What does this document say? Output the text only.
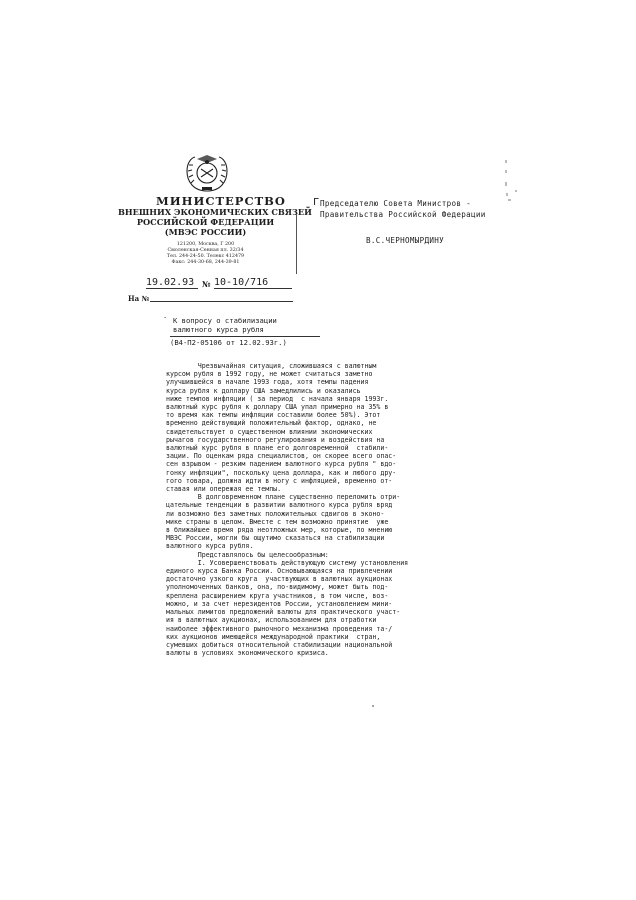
МИНИСТЕРСТВО
ВНЕШНИХ ЭКОНОМИЧЕСКИХ СВЯЗЕЙ
РОССИЙСКОЙ ФЕДЕРАЦИИ
(МВЭС РОССИИ)
121200, Москва, Г 200
Смоленская-Сенная пл. 32/34
Тел. 244-24-50. Телекс 412479
Факс: 244-30-68, 244-39-81
Г Председателю Совета Министров -
Правительства Российской Федерации
В.С.ЧЕРНОМЫРДИНУ
19.02.93 № 10-10/716
На №
· К вопросу о стабилизации
валютного курса рубля
(В4-П2-05106 от 12.02.93г.)

Чрезвычайная ситуация, сложившаяся с валютным

курсом рубля в 1992 году, не может считаться заметно

улучшившейся в начале 1993 года, хотя темпы падения

курса рубля к доллару США замедлились и оказались

ниже темпов инфляции ( за период  с начала января 1993г.

валютный курс рубля к доллару США упал примерно на 35% в

то время как темпы инфляции составили более 50%). Этот

временно действующий положительный фактор, однако, не

свидетельствует о существенном влиянии экономических

рычагов государственного регулирования и воздействия на

валютный курс рубля в плане его долговременной  стабили-

зации. По оценкам ряда специалистов, он скорее всего опас-

сен взрывом - резким падением валютного курса рубля " вдо-

гонку инфляции", поскольку цена доллара, как и любого дру-

гого товара, должна идти в ногу с инфляцией, временно от-

ставая или опережая ее темпы.

В долговременном плане существенно переломить отри-

цательные тенденции в развитии валютного курса рубля вряд

ли возможно без заметных положительных сдвигов в эконо-

мике страны в целом. Вместе с тем возможно принятие  уже

в ближайшее время ряда неотложных мер, которые, по мнению

МВЭС России, могли бы ощутимо сказаться на стабилизации

валютного курса рубля.

Представлялось бы целесообразным:

I. Усовершенствовать действующую систему установления

единого курса Банка России. Основывающаяся на привлечении

достаточно узкого круга  участвующих в валютных аукционах

уполномоченных банков, она, по-видимому, может быть под-

креплена расширением круга участников, в том числе, воз-

можно, и за счет нерезидентов России, установлением мини-

мальных лимитов предложений валюты для практического участ-

ия в валютных аукционах, использованием для отработки

наиболее эффективного рыночного механизма проведения та-/

ких аукционов имеющейся международной практики  стран,

сумевших добиться относительной стабилизации национальной

валюты в условиях экономического кризиса.
